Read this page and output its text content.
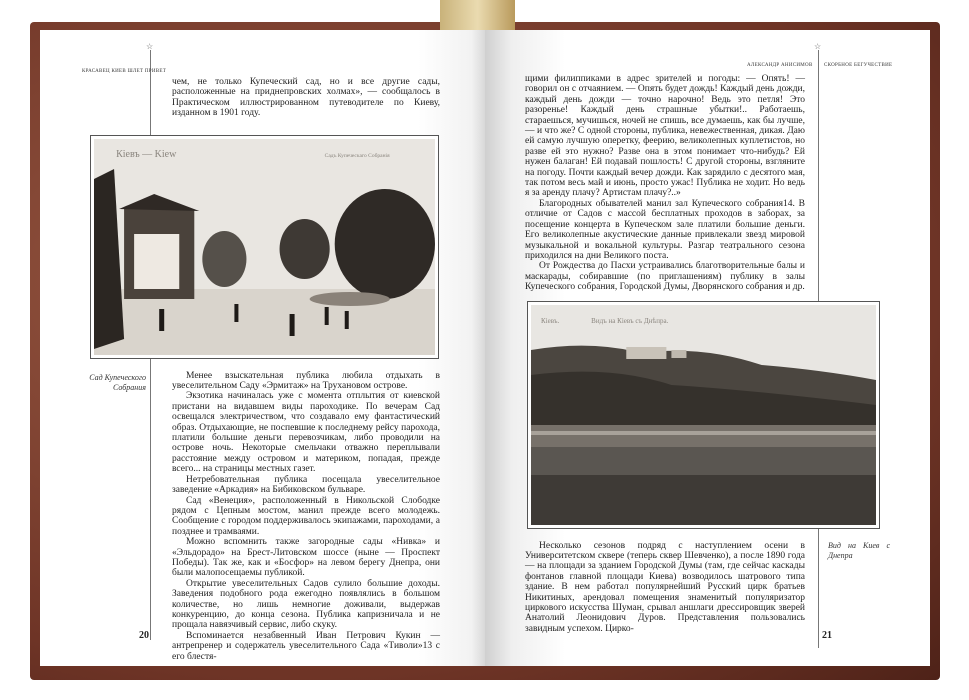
☆
КРАСАВЕЦ КИЕВ ШЛЕТ ПРИВЕТ

чем, не только Купеческий сад, но и все другие сады, расположенные на приднепровских холмах», — сообщалось в Практическом иллюстрированном путеводителе по Киеву, изданном в 1901 году.

Кiевъ — Kiew	Садъ Купеческаго Собранiя
Сад Купеческого Собрания

Менее взыскательная публика любила отдыхать в увеселительном Саду «Эрмитаж» на Трухановом острове.

Экзотика начиналась уже с момента отплытия от киевской пристани на видавшем виды пароходике. По вечерам Сад освещался электричеством, что создавало ему фантастический образ. Отдыхающие, не поспевшие к последнему рейсу парохода, платили большие деньги перевозчикам, либо проводили на острове ночь. Некоторые смельчаки отважно переплывали расстояние между островом и материком, попадая, прежде всего... на страницы местных газет.

Нетребовательная публика посещала увеселительное заведение «Аркадия» на Бибиковском бульваре.

Сад «Венеция», расположенный в Никольской Слободке рядом с Цепным мостом, манил прежде всего молодежь. Сообщение с городом поддерживалось экипажами, пароходами, а позднее и трамваями.

Можно вспомнить также загородные сады «Нивка» и «Эльдорадо» на Брест-Литовском шоссе (ныне — Проспект Победы). Так же, как и «Босфор» на левом берегу Днепра, они были малопосещаемы публикой.

Открытие увеселительных Садов сулило большие доходы. Заведения подобного рода ежегодно появлялись в большом количестве, но лишь немногие доживали, выдержав конкуренцию, до конца сезона. Публика капризничала и не прощала навязчивый сервис, либо скуку.

Вспоминается незабвенный Иван Петрович Кукин — антрепренер и содержатель увеселительного Сада «Тиволи»13 с его блестя-

20
☆
АЛЕКСАНДР АНИСИМОВ СКОРБНОЕ БЕГУЧЕСТВИЕ

щими филиппиками в адрес зрителей и погоды: — Опять! — говорил он с отчаянием. — Опять будет дождь! Каждый день дожди, каждый день дожди — точно нарочно! Ведь это петля! Это разоренье! Каждый день страшные убытки!.. Работаешь, стараешься, мучишься, ночей не спишь, все думаешь, как бы лучше, — и что же? С одной стороны, публика, невежественная, дикая. Даю ей самую лучшую оперетку, феерию, великолепных куплетистов, но разве ей это нужно? Разве она в этом понимает что-нибудь? Ей нужен балаган! Ей подавай пошлость! С другой стороны, взгляните на погоду. Почти каждый вечер дожди. Как зарядило с десятого мая, так потом весь май и июнь, просто ужас! Публика не ходит. Но ведь я за аренду плачу? Артистам плачу?..»

Благородных обывателей манил зал Купеческого собрания14. В отличие от Садов с массой бесплатных проходов в заборах, за посещение концерта в Купеческом зале платили большие деньги. Его великолепные акустические данные привлекали звезд мировой музыкальной и вокальной культуры. Разгар театрального сезона приходился на дни Великого поста.

От Рождества до Пасхи устраивались благотворительные балы и маскарады, собиравшие (по приглашениям) публику в залы Купеческого собрания, Городской Думы, Дворянского собрания и др.

Кiевъ.	Видъ на Кiевъ съ Днѣпра.
Вид на Киев с Днепра

Несколько сезонов подряд с наступлением осени в Университетском сквере (теперь сквер Шевченко), а после 1890 года — на площади за зданием Городской Думы (там, где сейчас каскады фонтанов главной площади Киева) возводилось шатрового типа здание. В нем работал популярнейший Русский цирк братьев Никитиных, арендовал помещения знаменитый популяризатор циркового искусства Шуман, срывал аншлаги дрессировщик зверей Анатолий Леонидович Дуров. Представления пользовались завидным успехом. Цирко-

21
